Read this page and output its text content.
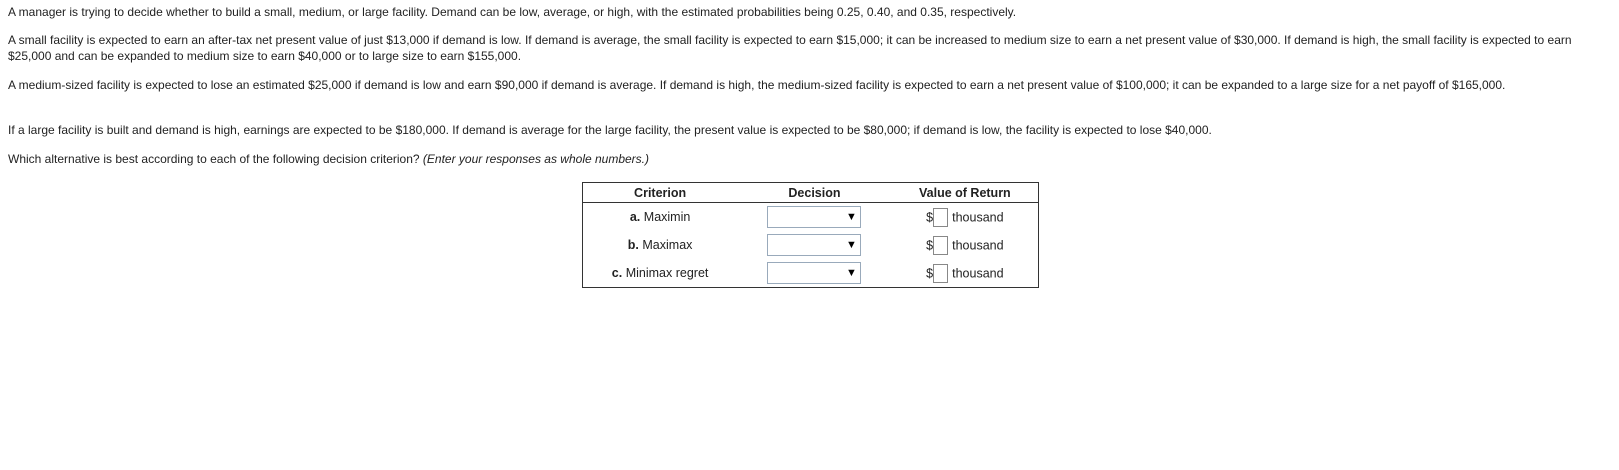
A manager is trying to decide whether to build a small, medium, or large facility. Demand can be low, average, or high, with the estimated probabilities being 0.25, 0.40, and 0.35, respectively.

A small facility is expected to earn an after-tax net present value of just $13,000 if demand is low. If demand is average, the small facility is expected to earn $15,000; it can be increased to medium size to earn a net present value of $30,000. If demand is high, the small facility is expected to earn $25,000 and can be expanded to medium size to earn $40,000 or to large size to earn $155,000.

A medium-sized facility is expected to lose an estimated $25,000 if demand is low and earn $90,000 if demand is average. If demand is high, the medium-sized facility is expected to earn a net present value of $100,000; it can be expanded to a large size for a net payoff of $165,000.

If a large facility is built and demand is high, earnings are expected to be $180,000. If demand is average for the large facility, the present value is expected to be $80,000; if demand is low, the facility is expected to lose $40,000.

Which alternative is best according to each of the following decision criterion? (Enter your responses as whole numbers.)

Criterion	Decision	Value of Return
a. Maximin	▼	$ thousand
b. Maximax	▼	$ thousand
c. Minimax regret	▼	$ thousand
